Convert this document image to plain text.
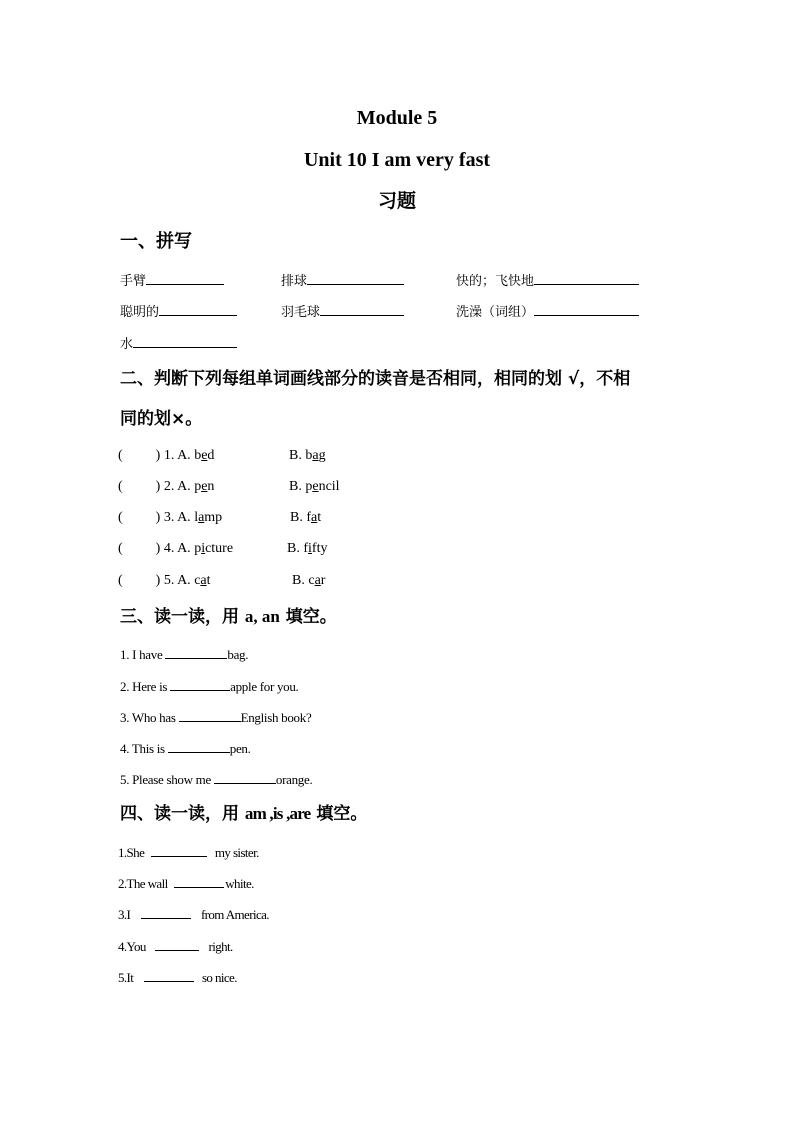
Module 5
Unit 10 I am very fast
习题
一、拼写
手臂	排球	快的；飞快地
聪明的	羽毛球	洗澡（词组）
水
二、判断下列每组单词画线部分的读音是否相同，相同的划 √，不相
同的划×。
( ) 1. A. bed	B. bag
( ) 2. A. pen	B. pencil
( ) 3. A. lamp	B. fat
( ) 4. A. picture	B. fifty
( ) 5. A. cat	B. car
三、读一读，用 a, an 填空。
1. I have	bag.
2. Here is	apple for you.
3. Who has	English book?
4. This is	pen.
5. Please show me	orange.
四、读一读，用 am ,is ,are 填空。
1.She	my sister.
2.The wall	white.
3.I	from America.
4.You	right.
5.It	so nice.
